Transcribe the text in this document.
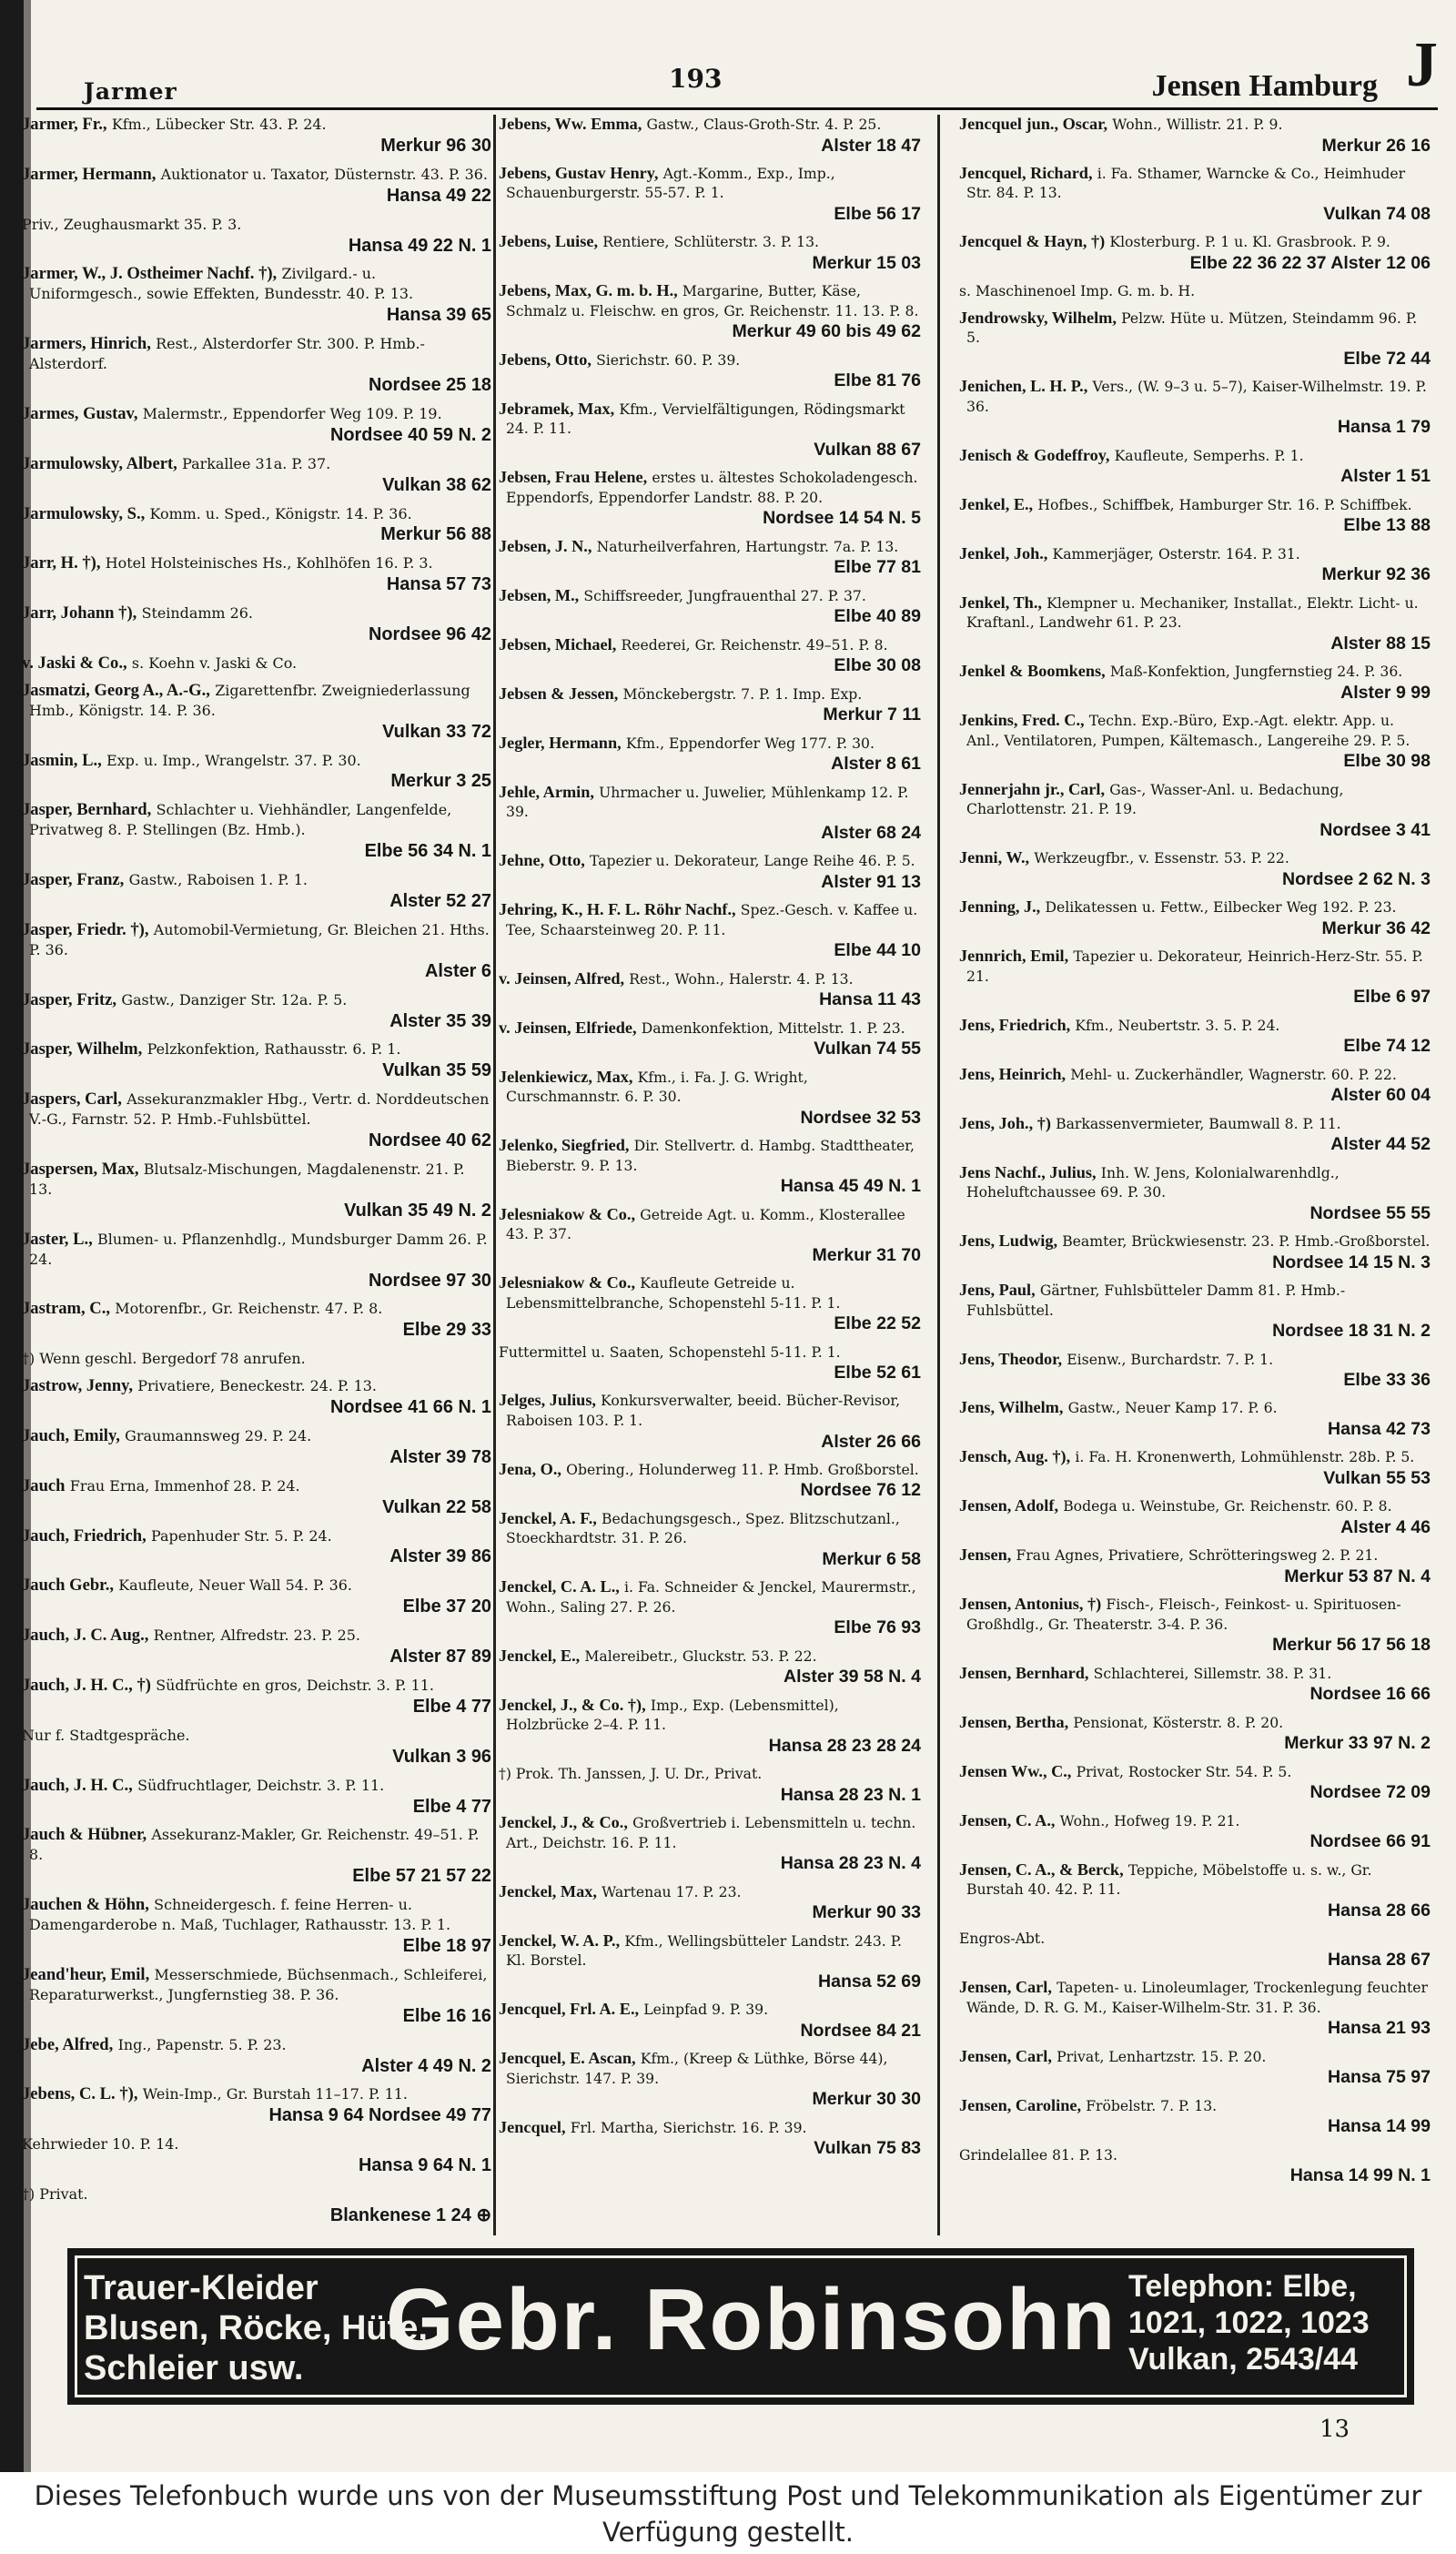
Jarmer	193	Jensen Hamburg J
Jarmer, Fr., Kfm., Lübecker Str. 43. P. 24.
Merkur 96 30
Jarmer, Hermann, Auktionator u. Taxator, Düsternstr. 43. P. 36.
Hansa 49 22
Priv., Zeughausmarkt 35. P. 3.
Hansa 49 22 N. 1
Jarmer, W., J. Ostheimer Nachf. †), Zivilgard.- u. Uniformgesch., sowie Effekten, Bundesstr. 40. P. 13.
Hansa 39 65
Jarmers, Hinrich, Rest., Alsterdorfer Str. 300. P. Hmb.-Alsterdorf.
Nordsee 25 18
Jarmes, Gustav, Malermstr., Eppendorfer Weg 109. P. 19.
Nordsee 40 59 N. 2
Jarmulowsky, Albert, Parkallee 31a. P. 37.
Vulkan 38 62
Jarmulowsky, S., Komm. u. Sped., Königstr. 14. P. 36.
Merkur 56 88
Jarr, H. †), Hotel Holsteinisches Hs., Kohlhöfen 16. P. 3.
Hansa 57 73
Jarr, Johann †), Steindamm 26.
Nordsee 96 42
v. Jaski & Co., s. Koehn v. Jaski & Co.
Jasmatzi, Georg A., A.-G., Zigarettenfbr. Zweigniederlassung Hmb., Königstr. 14. P. 36.
Vulkan 33 72
Jasmin, L., Exp. u. Imp., Wrangelstr. 37. P. 30.
Merkur 3 25
Jasper, Bernhard, Schlachter u. Viehhändler, Langenfelde, Privatweg 8. P. Stellingen (Bz. Hmb.).
Elbe 56 34 N. 1
Jasper, Franz, Gastw., Raboisen 1. P. 1.
Alster 52 27
Jasper, Friedr. †), Automobil-Vermietung, Gr. Bleichen 21. Hths. P. 36.
Alster 6
Jasper, Fritz, Gastw., Danziger Str. 12a. P. 5.
Alster 35 39
Jasper, Wilhelm, Pelzkonfektion, Rathausstr. 6. P. 1.
Vulkan 35 59
Jaspers, Carl, Assekuranzmakler Hbg., Vertr. d. Norddeutschen V.-G., Farnstr. 52. P. Hmb.-Fuhlsbüttel.
Nordsee 40 62
Jaspersen, Max, Blutsalz-Mischungen, Magdalenenstr. 21. P. 13.
Vulkan 35 49 N. 2
Jaster, L., Blumen- u. Pflanzenhdlg., Mundsburger Damm 26. P. 24.
Nordsee 97 30
Jastram, C., Motorenfbr., Gr. Reichenstr. 47. P. 8.
Elbe 29 33
†) Wenn geschl. Bergedorf 78 anrufen.
Jastrow, Jenny, Privatiere, Beneckestr. 24. P. 13.
Nordsee 41 66 N. 1
Jauch, Emily, Graumannsweg 29. P. 24.
Alster 39 78
Jauch Frau Erna, Immenhof 28. P. 24.
Vulkan 22 58
Jauch, Friedrich, Papenhuder Str. 5. P. 24.
Alster 39 86
Jauch Gebr., Kaufleute, Neuer Wall 54. P. 36.
Elbe 37 20
Jauch, J. C. Aug., Rentner, Alfredstr. 23. P. 25.
Alster 87 89
Jauch, J. H. C., †) Südfrüchte en gros, Deichstr. 3. P. 11.
Elbe 4 77
Nur f. Stadtgespräche.
Vulkan 3 96
Jauch, J. H. C., Südfruchtlager, Deichstr. 3. P. 11.
Elbe 4 77
Jauch & Hübner, Assekuranz-Makler, Gr. Reichenstr. 49–51. P. 8.
Elbe 57 21 57 22
Jauchen & Höhn, Schneidergesch. f. feine Herren- u. Damengarderobe n. Maß, Tuchlager, Rathausstr. 13. P. 1.
Elbe 18 97
Jeand'heur, Emil, Messerschmiede, Büchsenmach., Schleiferei, Reparaturwerkst., Jungfernstieg 38. P. 36.
Elbe 16 16
Jebe, Alfred, Ing., Papenstr. 5. P. 23.
Alster 4 49 N. 2
Jebens, C. L. †), Wein-Imp., Gr. Burstah 11–17. P. 11.
Hansa 9 64 Nordsee 49 77
Kehrwieder 10. P. 14.
Hansa 9 64 N. 1
†) Privat.
Blankenese 1 24 ⊕
Jebens, Ww. Emma, Gastw., Claus-Groth-Str. 4. P. 25.
Alster 18 47
Jebens, Gustav Henry, Agt.-Komm., Exp., Imp., Schauenburgerstr. 55-57. P. 1.
Elbe 56 17
Jebens, Luise, Rentiere, Schlüterstr. 3. P. 13.
Merkur 15 03
Jebens, Max, G. m. b. H., Margarine, Butter, Käse, Schmalz u. Fleischw. en gros, Gr. Reichenstr. 11. 13. P. 8.
Merkur 49 60 bis 49 62
Jebens, Otto, Sierichstr. 60. P. 39.
Elbe 81 76
Jebramek, Max, Kfm., Vervielfältigungen, Rödingsmarkt 24. P. 11.
Vulkan 88 67
Jebsen, Frau Helene, erstes u. ältestes Schokoladengesch. Eppendorfs, Eppendorfer Landstr. 88. P. 20.
Nordsee 14 54 N. 5
Jebsen, J. N., Naturheilverfahren, Hartungstr. 7a. P. 13.
Elbe 77 81
Jebsen, M., Schiffsreeder, Jungfrauenthal 27. P. 37.
Elbe 40 89
Jebsen, Michael, Reederei, Gr. Reichenstr. 49–51. P. 8.
Elbe 30 08
Jebsen & Jessen, Mönckebergstr. 7. P. 1. Imp. Exp.
Merkur 7 11
Jegler, Hermann, Kfm., Eppendorfer Weg 177. P. 30.
Alster 8 61
Jehle, Armin, Uhrmacher u. Juwelier, Mühlenkamp 12. P. 39.
Alster 68 24
Jehne, Otto, Tapezier u. Dekorateur, Lange Reihe 46. P. 5.
Alster 91 13
Jehring, K., H. F. L. Röhr Nachf., Spez.-Gesch. v. Kaffee u. Tee, Schaarsteinweg 20. P. 11.
Elbe 44 10
v. Jeinsen, Alfred, Rest., Wohn., Halerstr. 4. P. 13.
Hansa 11 43
v. Jeinsen, Elfriede, Damenkonfektion, Mittelstr. 1. P. 23.
Vulkan 74 55
Jelenkiewicz, Max, Kfm., i. Fa. J. G. Wright, Curschmannstr. 6. P. 30.
Nordsee 32 53
Jelenko, Siegfried, Dir. Stellvertr. d. Hambg. Stadttheater, Bieberstr. 9. P. 13.
Hansa 45 49 N. 1
Jelesniakow & Co., Getreide Agt. u. Komm., Klosterallee 43. P. 37.
Merkur 31 70
Jelesniakow & Co., Kaufleute Getreide u. Lebensmittelbranche, Schopenstehl 5-11. P. 1.
Elbe 22 52
Futtermittel u. Saaten, Schopenstehl 5-11. P. 1.
Elbe 52 61
Jelges, Julius, Konkursverwalter, beeid. Bücher-Revisor, Raboisen 103. P. 1.
Alster 26 66
Jena, O., Obering., Holunderweg 11. P. Hmb. Großborstel.
Nordsee 76 12
Jenckel, A. F., Bedachungsgesch., Spez. Blitzschutzanl., Stoeckhardtstr. 31. P. 26.
Merkur 6 58
Jenckel, C. A. L., i. Fa. Schneider & Jenckel, Maurermstr., Wohn., Saling 27. P. 26.
Elbe 76 93
Jenckel, E., Malereibetr., Gluckstr. 53. P. 22.
Alster 39 58 N. 4
Jenckel, J., & Co. †), Imp., Exp. (Lebensmittel), Holzbrücke 2–4. P. 11.
Hansa 28 23 28 24
†) Prok. Th. Janssen, J. U. Dr., Privat.
Hansa 28 23 N. 1
Jenckel, J., & Co., Großvertrieb i. Lebensmitteln u. techn. Art., Deichstr. 16. P. 11.
Hansa 28 23 N. 4
Jenckel, Max, Wartenau 17. P. 23.
Merkur 90 33
Jenckel, W. A. P., Kfm., Wellingsbütteler Landstr. 243. P. Kl. Borstel.
Hansa 52 69
Jencquel, Frl. A. E., Leinpfad 9. P. 39.
Nordsee 84 21
Jencquel, E. Ascan, Kfm., (Kreep & Lüthke, Börse 44), Sierichstr. 147. P. 39.
Merkur 30 30
Jencquel, Frl. Martha, Sierichstr. 16. P. 39.
Vulkan 75 83
Jencquel jun., Oscar, Wohn., Willistr. 21. P. 9.
Merkur 26 16
Jencquel, Richard, i. Fa. Sthamer, Warncke & Co., Heimhuder Str. 84. P. 13.
Vulkan 74 08
Jencquel & Hayn, †) Klosterburg. P. 1 u. Kl. Grasbrook. P. 9.
Elbe 22 36 22 37 Alster 12 06
s. Maschinenoel Imp. G. m. b. H.
Jendrowsky, Wilhelm, Pelzw. Hüte u. Mützen, Steindamm 96. P. 5.
Elbe 72 44
Jenichen, L. H. P., Vers., (W. 9–3 u. 5–7), Kaiser-Wilhelmstr. 19. P. 36.
Hansa 1 79
Jenisch & Godeffroy, Kaufleute, Semperhs. P. 1.
Alster 1 51
Jenkel, E., Hofbes., Schiffbek, Hamburger Str. 16. P. Schiffbek.
Elbe 13 88
Jenkel, Joh., Kammerjäger, Osterstr. 164. P. 31.
Merkur 92 36
Jenkel, Th., Klempner u. Mechaniker, Installat., Elektr. Licht- u. Kraftanl., Landwehr 61. P. 23.
Alster 88 15
Jenkel & Boomkens, Maß-Konfektion, Jungfernstieg 24. P. 36.
Alster 9 99
Jenkins, Fred. C., Techn. Exp.-Büro, Exp.-Agt. elektr. App. u. Anl., Ventilatoren, Pumpen, Kältemasch., Langereihe 29. P. 5.
Elbe 30 98
Jennerjahn jr., Carl, Gas-, Wasser-Anl. u. Bedachung, Charlottenstr. 21. P. 19.
Nordsee 3 41
Jenni, W., Werkzeugfbr., v. Essenstr. 53. P. 22.
Nordsee 2 62 N. 3
Jenning, J., Delikatessen u. Fettw., Eilbecker Weg 192. P. 23.
Merkur 36 42
Jennrich, Emil, Tapezier u. Dekorateur, Heinrich-Herz-Str. 55. P. 21.
Elbe 6 97
Jens, Friedrich, Kfm., Neubertstr. 3. 5. P. 24.
Elbe 74 12
Jens, Heinrich, Mehl- u. Zuckerhändler, Wagnerstr. 60. P. 22.
Alster 60 04
Jens, Joh., †) Barkassenvermieter, Baumwall 8. P. 11.
Alster 44 52
Jens Nachf., Julius, Inh. W. Jens, Kolonialwarenhdlg., Hoheluftchaussee 69. P. 30.
Nordsee 55 55
Jens, Ludwig, Beamter, Brückwiesenstr. 23. P. Hmb.-Großborstel.
Nordsee 14 15 N. 3
Jens, Paul, Gärtner, Fuhlsbütteler Damm 81. P. Hmb.-Fuhlsbüttel.
Nordsee 18 31 N. 2
Jens, Theodor, Eisenw., Burchardstr. 7. P. 1.
Elbe 33 36
Jens, Wilhelm, Gastw., Neuer Kamp 17. P. 6.
Hansa 42 73
Jensch, Aug. †), i. Fa. H. Kronenwerth, Lohmühlenstr. 28b. P. 5.
Vulkan 55 53
Jensen, Adolf, Bodega u. Weinstube, Gr. Reichenstr. 60. P. 8.
Alster 4 46
Jensen, Frau Agnes, Privatiere, Schrötteringsweg 2. P. 21.
Merkur 53 87 N. 4
Jensen, Antonius, †) Fisch-, Fleisch-, Feinkost- u. Spirituosen-Großhdlg., Gr. Theaterstr. 3-4. P. 36.
Merkur 56 17 56 18
Jensen, Bernhard, Schlachterei, Sillemstr. 38. P. 31.
Nordsee 16 66
Jensen, Bertha, Pensionat, Kösterstr. 8. P. 20.
Merkur 33 97 N. 2
Jensen Ww., C., Privat, Rostocker Str. 54. P. 5.
Nordsee 72 09
Jensen, C. A., Wohn., Hofweg 19. P. 21.
Nordsee 66 91
Jensen, C. A., & Berck, Teppiche, Möbelstoffe u. s. w., Gr. Burstah 40. 42. P. 11.
Hansa 28 66
Engros-Abt.
Hansa 28 67
Jensen, Carl, Tapeten- u. Linoleumlager, Trockenlegung feuchter Wände, D. R. G. M., Kaiser-Wilhelm-Str. 31. P. 36.
Hansa 21 93
Jensen, Carl, Privat, Lenhartzstr. 15. P. 20.
Hansa 75 97
Jensen, Caroline, Fröbelstr. 7. P. 13.
Hansa 14 99
Grindelallee 81. P. 13.
Hansa 14 99 N. 1
Trauer-Kleider
Blusen, Röcke, Hüte,
Schleier usw. Gebr. Robinsohn Telephon: Elbe,
1021, 1022, 1023
Vulkan, 2543/44
13
Dieses Telefonbuch wurde uns von der Museumsstiftung Post und Telekommunikation als Eigentümer zur Verfügung gestellt.
